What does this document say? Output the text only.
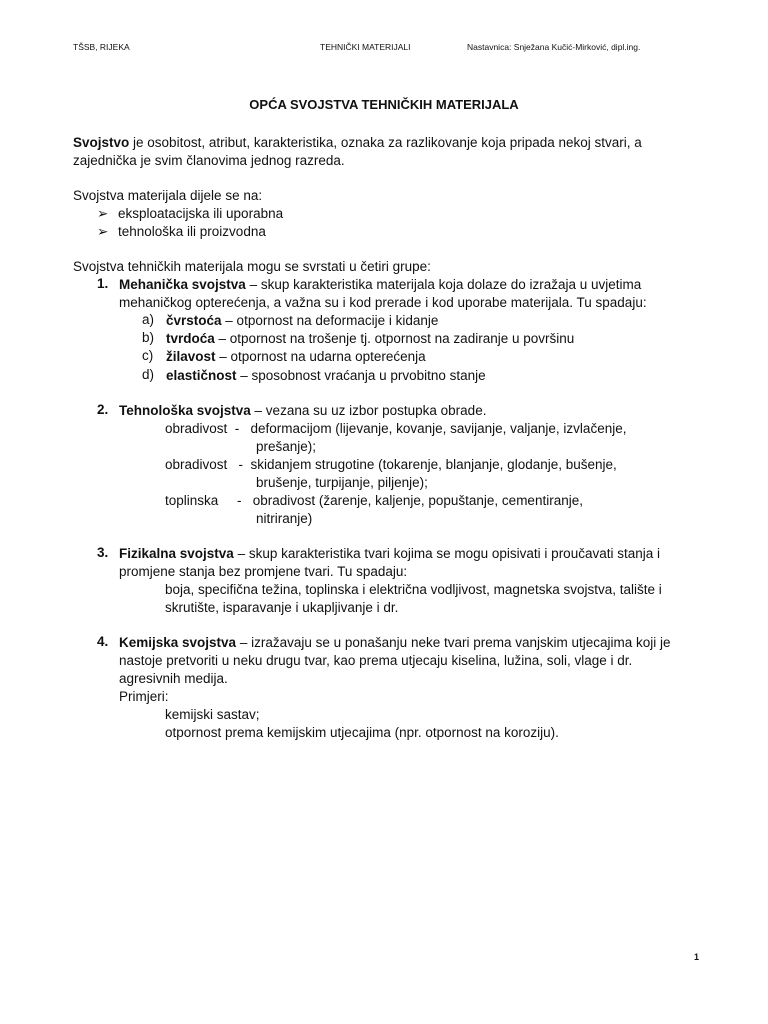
TŠSB, RIJEKA	TEHNIČKI MATERIJALI	Nastavnica: Snježana Kučić-Mirković, dipl.ing.
OPĆA SVOJSTVA TEHNIČKIH MATERIJALA
Svojstvo je osobitost, atribut, karakteristika, oznaka za razlikovanje koja pripada nekoj stvari, a
zajednička je svim članovima jednog razreda.
Svojstva materijala dijele se na:
➢ eksploatacijska ili uporabna
➢ tehnološka ili proizvodna
Svojstva tehničkih materijala mogu se svrstati u četiri grupe:
1. Mehanička svojstva – skup karakteristika materijala koja dolaze do izražaja u uvjetima
mehaničkog opterećenja, a važna su i kod prerade i kod uporabe materijala. Tu spadaju:
a) čvrstoća – otpornost na deformacije i kidanje
b) tvrdoća – otpornost na trošenje tj. otpornost na zadiranje u površinu
c) žilavost – otpornost na udarna opterećenja
d) elastičnost – sposobnost vraćanja u prvobitno stanje
2. Tehnološka svojstva – vezana su uz izbor postupka obrade.
obradivost  -   deformacijom (lijevanje, kovanje, savijanje, valjanje, izvlačenje,
prešanje);
obradivost   -  skidanjem strugotine (tokarenje, blanjanje, glodanje, bušenje,
brušenje, turpijanje, piljenje);
toplinska     -   obradivost (žarenje, kaljenje, popuštanje, cementiranje,
nitriranje)
3. Fizikalna svojstva – skup karakteristika tvari kojima se mogu opisivati i proučavati stanja i
promjene stanja bez promjene tvari. Tu spadaju:
boja, specifična težina, toplinska i električna vodljivost, magnetska svojstva, talište i
skrutište, isparavanje i ukapljivanje i dr.
4. Kemijska svojstva – izražavaju se u ponašanju neke tvari prema vanjskim utjecajima koji je
nastoje pretvoriti u neku drugu tvar, kao prema utjecaju kiselina, lužina, soli, vlage i dr.
agresivnih medija.
Primjeri:
kemijski sastav;
otpornost prema kemijskim utjecajima (npr. otpornost na koroziju).
1
